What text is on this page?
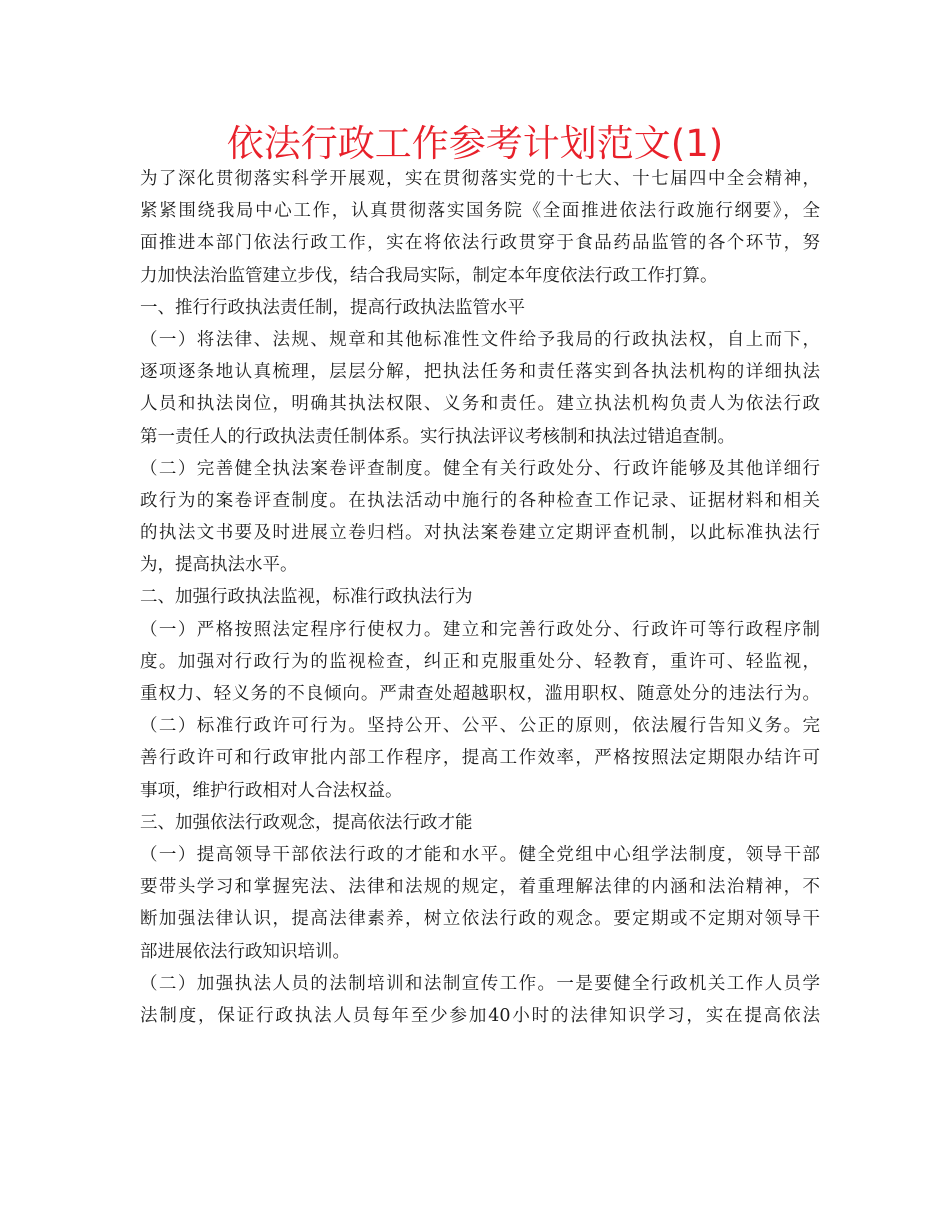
依法行政工作参考计划范文(1)
为了深化贯彻落实科学开展观，实在贯彻落实党的十七大、十七届四中全会精神，
紧紧围绕我局中心工作，认真贯彻落实国务院《全面推进依法行政施行纲要》，全
面推进本部门依法行政工作，实在将依法行政贯穿于食品药品监管的各个环节，努
力加快法治监管建立步伐，结合我局实际，制定本年度依法行政工作打算。
一、推行行政执法责任制，提高行政执法监管水平
（一）将法律、法规、规章和其他标准性文件给予我局的行政执法权，自上而下，
逐项逐条地认真梳理，层层分解，把执法任务和责任落实到各执法机构的详细执法
人员和执法岗位，明确其执法权限、义务和责任。建立执法机构负责人为依法行政
第一责任人的行政执法责任制体系。实行执法评议考核制和执法过错追查制。
（二）完善健全执法案卷评查制度。健全有关行政处分、行政许能够及其他详细行
政行为的案卷评查制度。在执法活动中施行的各种检查工作记录、证据材料和相关
的执法文书要及时进展立卷归档。对执法案卷建立定期评查机制，以此标准执法行
为，提高执法水平。
二、加强行政执法监视，标准行政执法行为
（一）严格按照法定程序行使权力。建立和完善行政处分、行政许可等行政程序制
度。加强对行政行为的监视检查，纠正和克服重处分、轻教育，重许可、轻监视，
重权力、轻义务的不良倾向。严肃查处超越职权，滥用职权、随意处分的违法行为。
（二）标准行政许可行为。坚持公开、公平、公正的原则，依法履行告知义务。完
善行政许可和行政审批内部工作程序，提高工作效率，严格按照法定期限办结许可
事项，维护行政相对人合法权益。
三、加强依法行政观念，提高依法行政才能
（一）提高领导干部依法行政的才能和水平。健全党组中心组学法制度，领导干部
要带头学习和掌握宪法、法律和法规的规定，着重理解法律的内涵和法治精神，不
断加强法律认识，提高法律素养，树立依法行政的观念。要定期或不定期对领导干
部进展依法行政知识培训。
（二）加强执法人员的法制培训和法制宣传工作。一是要健全行政机关工作人员学
法制度，保证行政执法人员每年至少参加40小时的法律知识学习，实在提高依法
